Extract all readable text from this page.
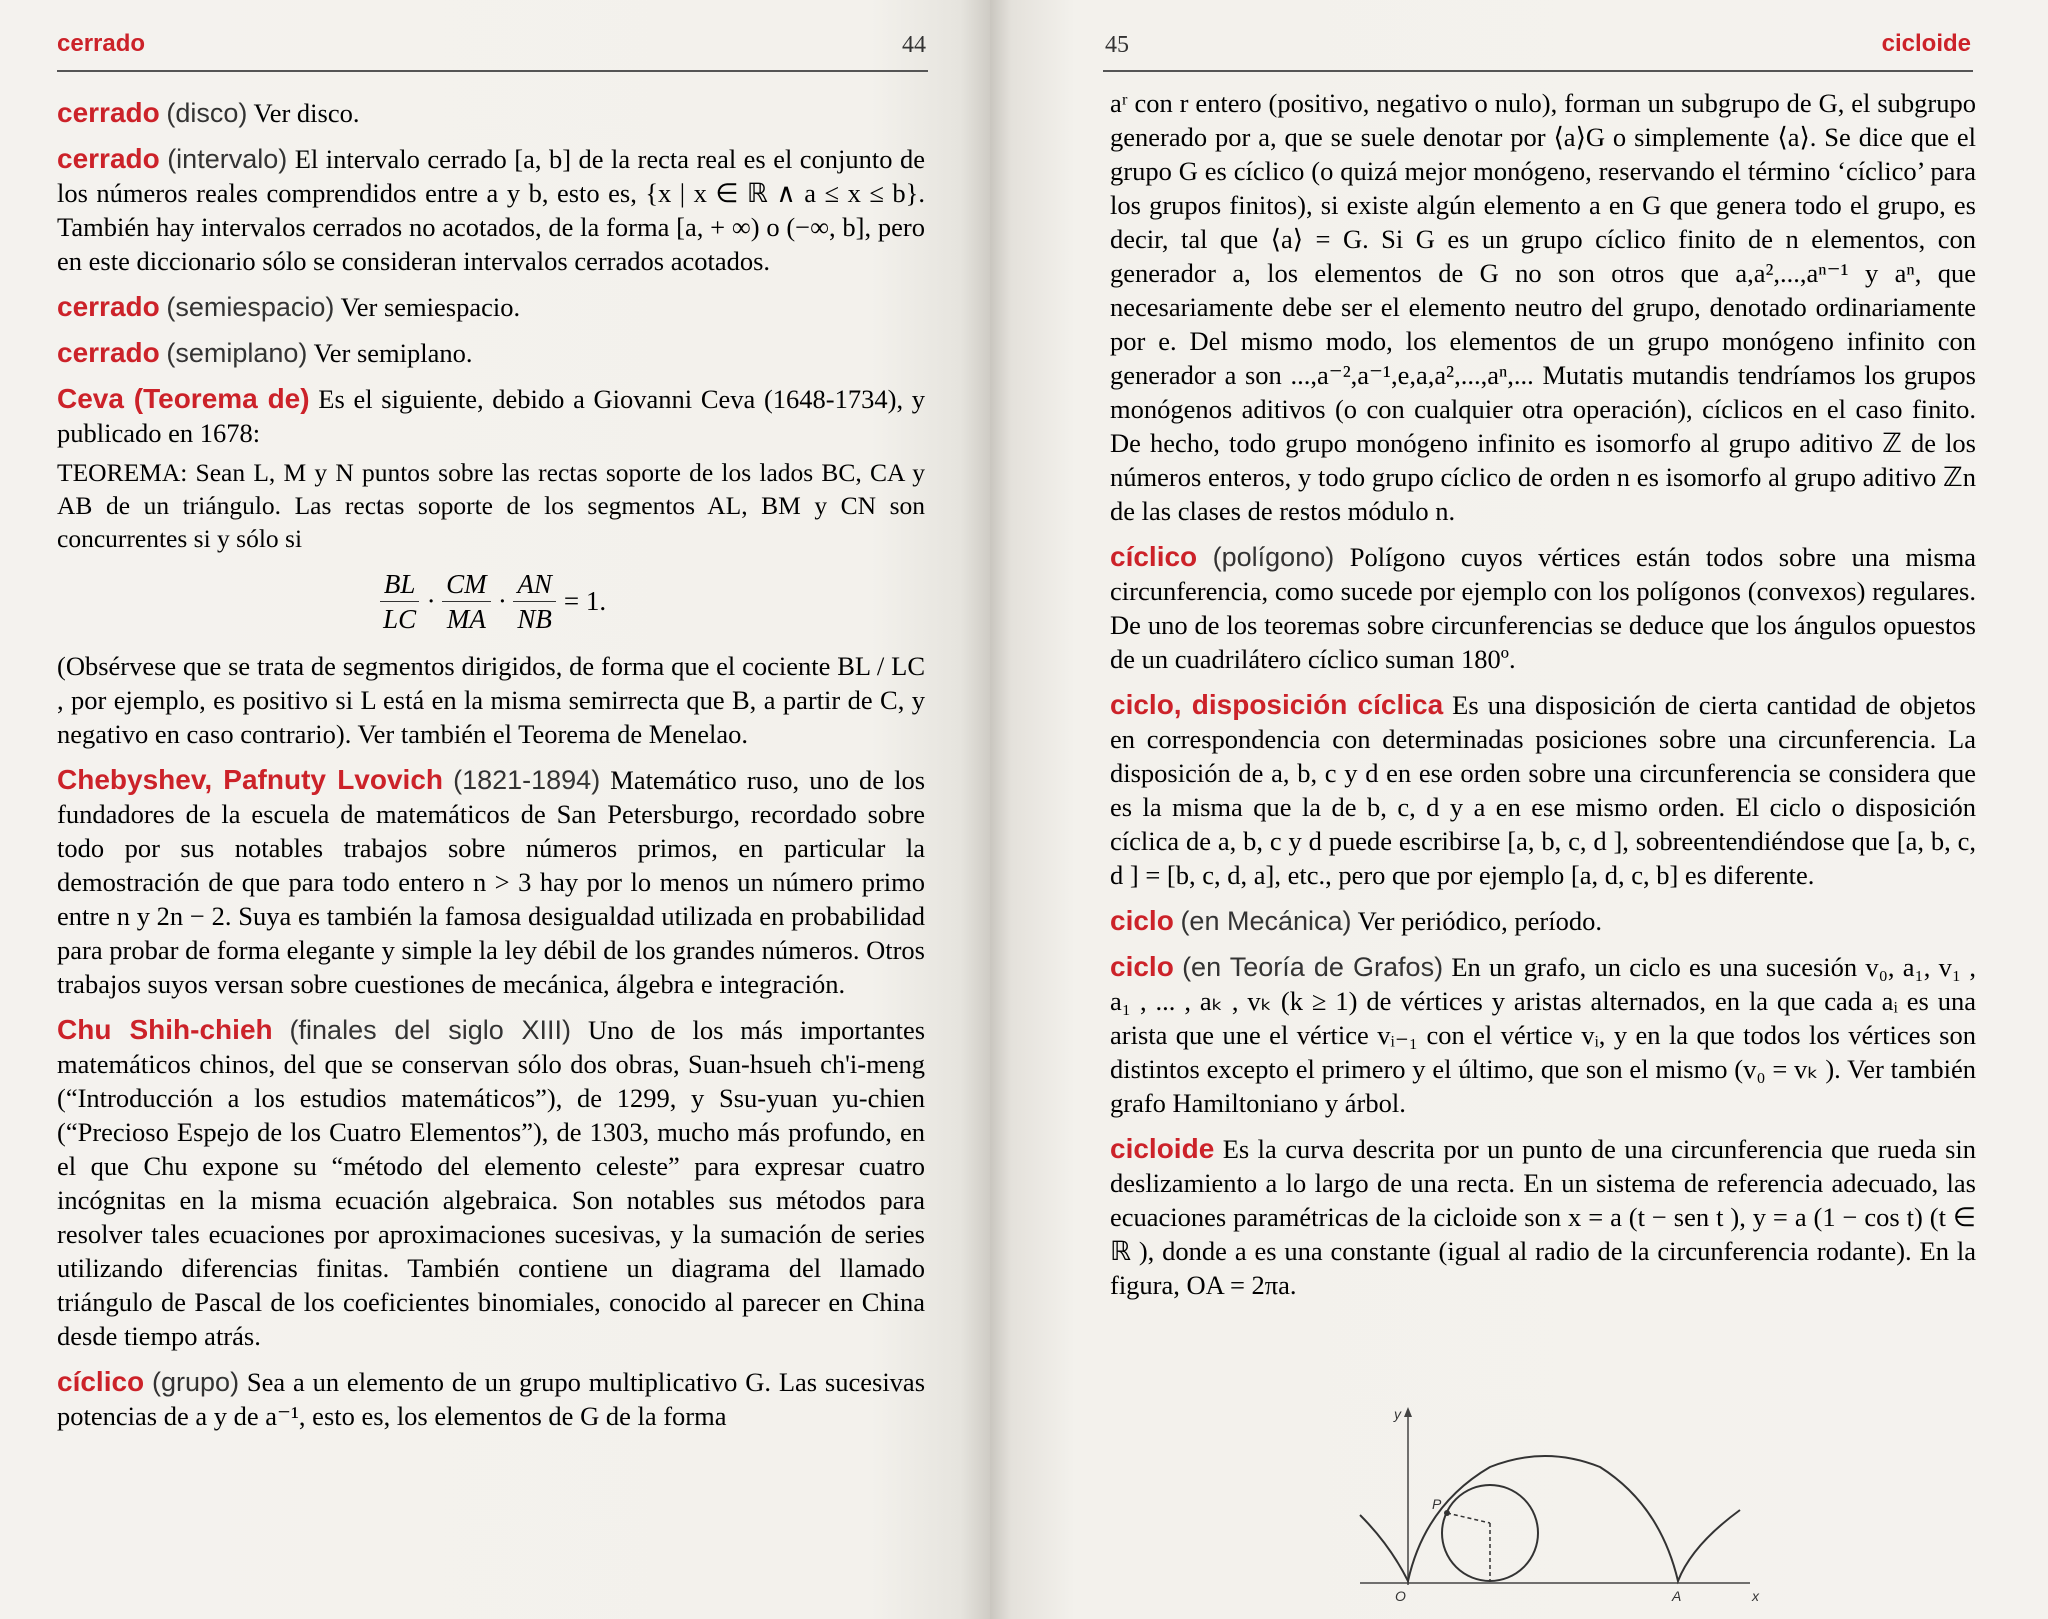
cerrado	44	45	cicloide

cerrado (disco) Ver disco.

cerrado (intervalo) El intervalo cerrado [a, b] de la recta real es el conjunto de los números reales comprendidos entre a y b, esto es, {x | x ∈ ℝ ∧ a ≤ x ≤ b}. También hay intervalos cerrados no acotados, de la forma [a, + ∞) o (−∞, b], pero en este diccionario sólo se consideran intervalos cerrados acotados.

cerrado (semiespacio) Ver semiespacio.

cerrado (semiplano) Ver semiplano.

Ceva (Teorema de) Es el siguiente, debido a Giovanni Ceva (1648-1734), y publicado en 1678:

TEOREMA: Sean L, M y N puntos sobre las rectas soporte de los lados BC, CA y AB de un triángulo. Las rectas soporte de los segmentos AL, BM y CN son concurrentes si y sólo si

$\frac{BL}{LC} \cdot \frac{CM}{MA} \cdot \frac{AN}{NB} = 1$.

(Obsérvese que se trata de segmentos dirigidos, de forma que el cociente BL / LC , por ejemplo, es positivo si L está en la misma semirrecta que B, a partir de C, y negativo en caso contrario). Ver también el Teorema de Menelao.

Chebyshev, Pafnuty Lvovich (1821-1894) Matemático ruso, uno de los fundadores de la escuela de matemáticos de San Petersburgo, recordado sobre todo por sus notables trabajos sobre números primos, en particular la demostración de que para todo entero n > 3 hay por lo menos un número primo entre n y 2n − 2. Suya es también la famosa desigualdad utilizada en probabilidad para probar de forma elegante y simple la ley débil de los grandes números. Otros trabajos suyos versan sobre cuestiones de mecánica, álgebra e integración.

Chu Shih-chieh (finales del siglo XIII) Uno de los más importantes matemáticos chinos, del que se conservan sólo dos obras, Suan-hsueh ch'i-meng (“Introducción a los estudios matemáticos”), de 1299, y Ssu-yuan yu-chien (“Precioso Espejo de los Cuatro Elementos”), de 1303, mucho más profundo, en el que Chu expone su “método del elemento celeste” para expresar cuatro incógnitas en la misma ecuación algebraica. Son notables sus métodos para resolver tales ecuaciones por aproximaciones sucesivas, y la sumación de series utilizando diferencias finitas. También contiene un diagrama del llamado triángulo de Pascal de los coeficientes binomiales, conocido al parecer en China desde tiempo atrás.

cíclico (grupo) Sea a un elemento de un grupo multiplicativo G. Las sucesivas potencias de a y de a⁻¹, esto es, los elementos de G de la forma

aʳ con r entero (positivo, negativo o nulo), forman un subgrupo de G, el subgrupo generado por a, que se suele denotar por ⟨a⟩G o simplemente ⟨a⟩. Se dice que el grupo G es cíclico (o quizá mejor monógeno, reservando el término ‘cíclico’ para los grupos finitos), si existe algún elemento a en G que genera todo el grupo, es decir, tal que ⟨a⟩ = G. Si G es un grupo cíclico finito de n elementos, con generador a, los elementos de G no son otros que a,a²,...,aⁿ⁻¹ y aⁿ, que necesariamente debe ser el elemento neutro del grupo, denotado ordinariamente por e. Del mismo modo, los elementos de un grupo monógeno infinito con generador a son ...,a⁻²,a⁻¹,e,a,a²,...,aⁿ,... Mutatis mutandis tendríamos los grupos monógenos aditivos (o con cualquier otra operación), cíclicos en el caso finito. De hecho, todo grupo monógeno infinito es isomorfo al grupo aditivo ℤ de los números enteros, y todo grupo cíclico de orden n es isomorfo al grupo aditivo ℤn de las clases de restos módulo n.

cíclico (polígono) Polígono cuyos vértices están todos sobre una misma circunferencia, como sucede por ejemplo con los polígonos (convexos) regulares. De uno de los teoremas sobre circunferencias se deduce que los ángulos opuestos de un cuadrilátero cíclico suman 180º.

ciclo, disposición cíclica Es una disposición de cierta cantidad de objetos en correspondencia con determinadas posiciones sobre una circunferencia. La disposición de a, b, c y d en ese orden sobre una circunferencia se considera que es la misma que la de b, c, d y a en ese mismo orden. El ciclo o disposición cíclica de a, b, c y d puede escribirse [a, b, c, d ], sobreentendiéndose que [a, b, c, d ] = [b, c, d, a], etc., pero que por ejemplo [a, d, c, b] es diferente.

ciclo (en Mecánica) Ver periódico, período.

ciclo (en Teoría de Grafos) En un grafo, un ciclo es una sucesión v₀, a₁, v₁ , a₁ , ... , aₖ , vₖ (k ≥ 1) de vértices y aristas alternados, en la que cada aᵢ es una arista que une el vértice vᵢ₋₁ con el vértice vᵢ, y en la que todos los vértices son distintos excepto el primero y el último, que son el mismo (v₀ = vₖ ). Ver también grafo Hamiltoniano y árbol.

cicloide Es la curva descrita por un punto de una circunferencia que rueda sin deslizamiento a lo largo de una recta. En un sistema de referencia adecuado, las ecuaciones paramétricas de la cicloide son x = a (t − sen t ), y = a (1 − cos t) (t ∈ ℝ ), donde a es una constante (igual al radio de la circunferencia rodante). En la figura, OA = 2πa.

y
x
O	A
P
